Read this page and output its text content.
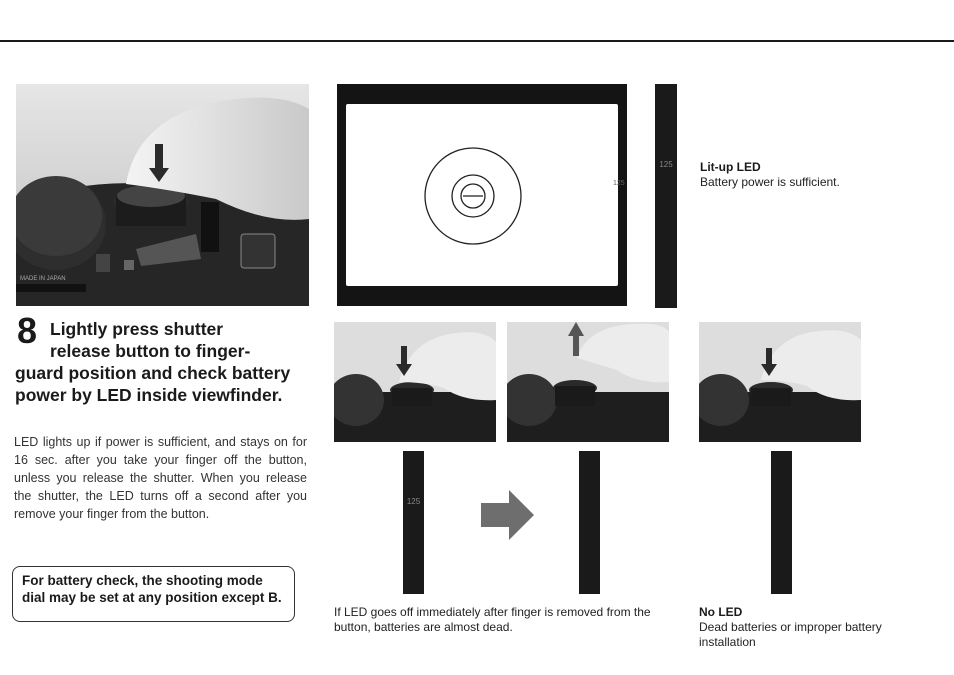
MADE IN JAPAN
125
125	Lit-up LED
Battery power is sufficient.
8 Lightly press shutter
release button to finger-
guard position and check battery power by LED inside viewfinder.

LED lights up if power is sufficient, and stays on for 16 sec. after you take your finger off the button, unless you release the shutter. When you release the shutter, the LED turns off a second after you remove your finger from the button.

For battery check, the shooting mode dial may be set at any position except B.

125
If LED goes off immediately after finger is removed from the button, batteries are almost dead.
No LED
Dead batteries or improper battery installation
